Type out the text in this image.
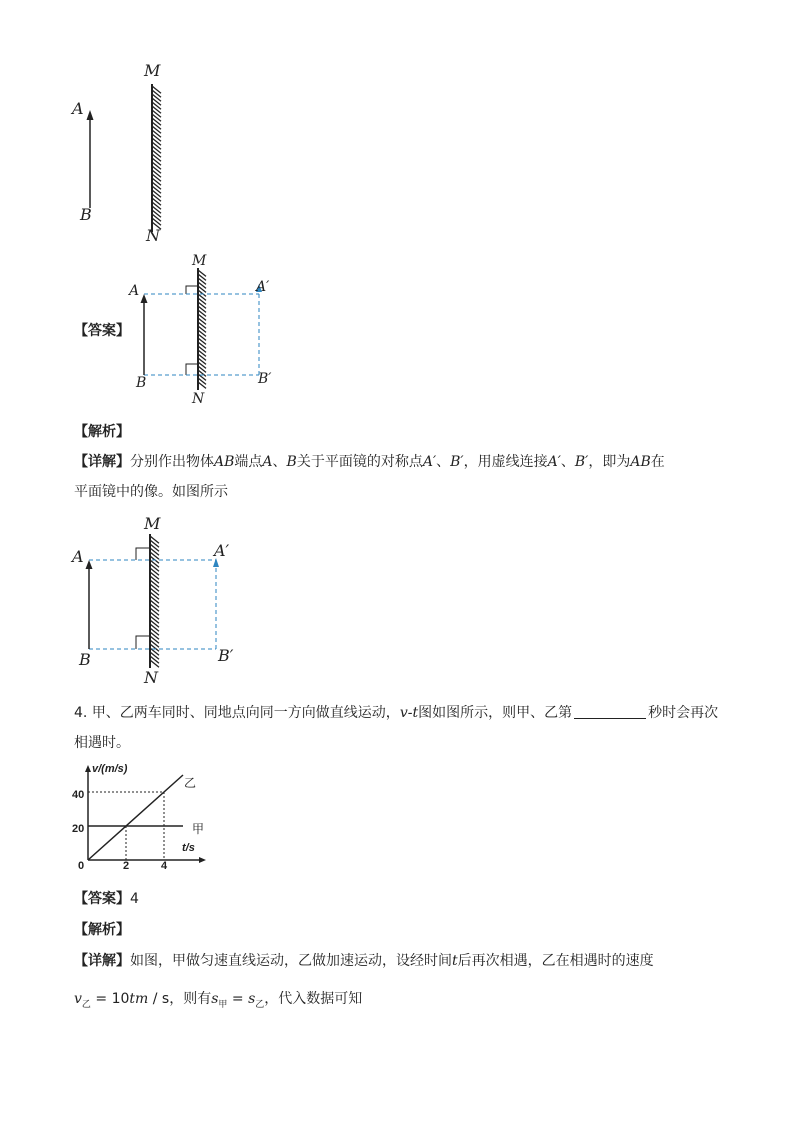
M
N
A
B
【答案】
M
N
A
B
A′
B′
【解析】
【详解】分别作出物体AB端点A、B关于平面镜的对称点A′、B′，用虚线连接A′、B′，即为AB在
平面镜中的像。如图所示
M
N
A
B
A′
B′
4. 甲、乙两车同时、同地点向同一方向做直线运动，v-t图如图所示，则甲、乙第	秒时会再次
相遇时。
v/(m/s)
t/s
0	2	4
20
40
甲
乙
【答案】4
【解析】
【详解】如图，甲做匀速直线运动，乙做加速运动，设经时间t后再次相遇，乙在相遇时的速度
$v_乙 = 10tm / s$，则有$s_甲 = s_乙$，代入数据可知
